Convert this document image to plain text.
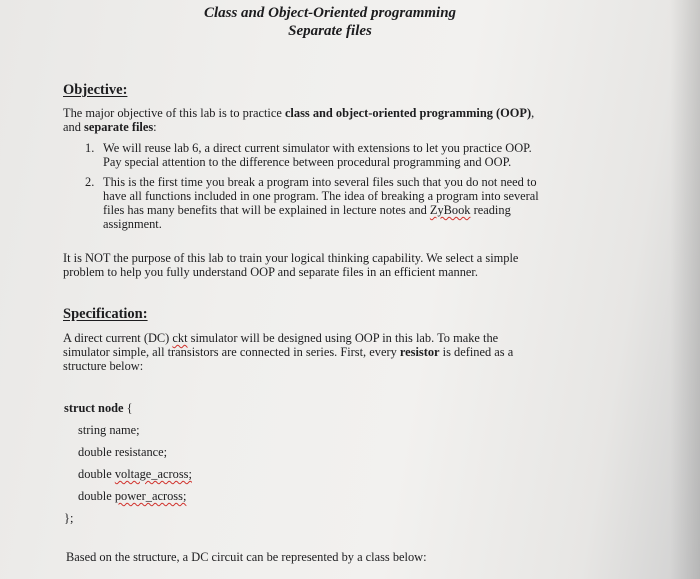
Class and Object-Oriented programming
Separate files
Objective:
The major objective of this lab is to practice class and object-oriented programming (OOP),
and separate files:
1. We will reuse lab 6, a direct current simulator with extensions to let you practice OOP.
Pay special attention to the difference between procedural programming and OOP.
2. This is the first time you break a program into several files such that you do not need to
have all functions included in one program. The idea of breaking a program into several
files has many benefits that will be explained in lecture notes and ZyBook reading
assignment.
It is NOT the purpose of this lab to train your logical thinking capability. We select a simple
problem to help you fully understand OOP and separate files in an efficient manner.
Specification:
A direct current (DC) ckt simulator will be designed using OOP in this lab. To make the
simulator simple, all transistors are connected in series. First, every resistor is defined as a
structure below:
struct node {
string name;
double resistance;
double voltage_across;
double power_across;
};
Based on the structure, a DC circuit can be represented by a class below:
